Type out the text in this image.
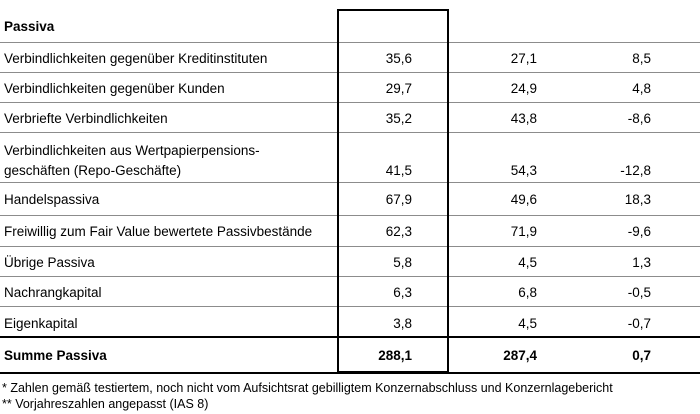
Passiva
Verbindlichkeiten gegenüber Kreditinstituten	35,6	27,1	8,5
Verbindlichkeiten gegenüber Kunden	29,7	24,9	4,8
Verbriefte Verbindlichkeiten	35,2	43,8	-8,6
Verbindlichkeiten aus Wertpapierpensions-
geschäften (Repo-Geschäfte)	41,5	54,3	-12,8
Handelspassiva	67,9	49,6	18,3
Freiwillig zum Fair Value bewertete Passivbestände	62,3	71,9	-9,6
Übrige Passiva	5,8	4,5	1,3
Nachrangkapital	6,3	6,8	-0,5
Eigenkapital	3,8	4,5	-0,7
Summe Passiva	288,1	287,4	0,7
* Zahlen gemäß testiertem, noch nicht vom Aufsichtsrat gebilligtem Konzernabschluss und Konzernlagebericht
** Vorjahreszahlen angepasst (IAS 8)
